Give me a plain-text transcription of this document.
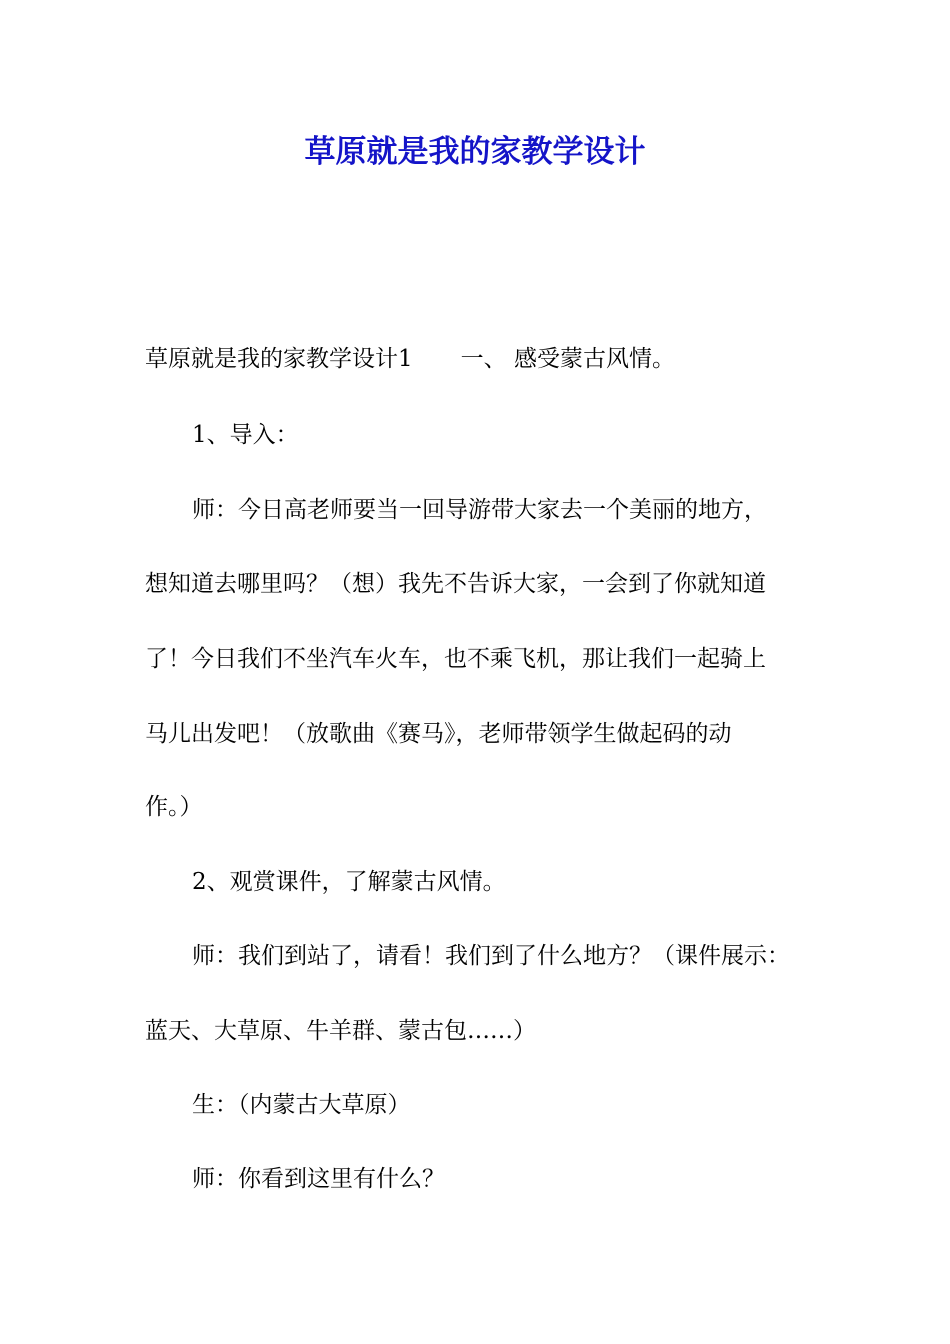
草原就是我的家教学设计
草原就是我的家教学设计1 一、 感受蒙古风情。
1、导入：
师：今日高老师要当一回导游带大家去一个美丽的地方，
想知道去哪里吗？（想）我先不告诉大家，一会到了你就知道
了！今日我们不坐汽车火车，也不乘飞机，那让我们一起骑上
马儿出发吧！（放歌曲《赛马》，老师带领学生做起码的动
作。）
2、观赏课件，了解蒙古风情。
师：我们到站了，请看！我们到了什么地方？（课件展示：
蓝天、大草原、牛羊群、蒙古包……）
生：（内蒙古大草原）
师：你看到这里有什么？
